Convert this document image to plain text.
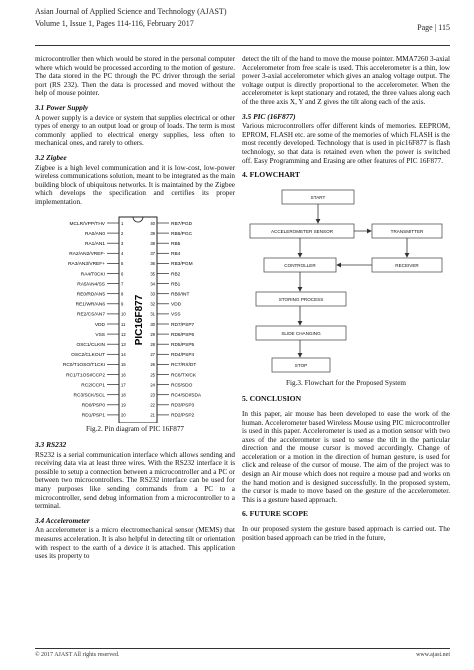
Asian Journal of Applied Science and Technology (AJAST)
Volume 1, Issue 1, Pages 114-116, February 2017	Page | 115

microcontroller then which would be stored in the personal computer where which would be processed according to the motion of gesture. The data stored in the PC through the PC driver through the serial port (RS 232). Then the data is processed and moved without the help of mouse pointer.

3.1 Power Supply

A power supply is a device or system that supplies electrical or other types of energy to an output load or group of loads. The term is most commonly applied to electrical energy supplies, less often to mechanical ones, and rarely to others.

3.2 Zigbee

Zigbee is a high level communication and it is low-cost, low-power wireless communications solution, meant to be integrated as the main building block of ubiquitous networks. It is maintained by the Zigbee which develops the specification and certifies its proper implementation.

PIC16F877
MCLR/VPP/THV	1	RB7/PGD
40
RA0/AN0	2	RB6/PGC
39
RA1/AN1	3	RB5
38
RA2/AN2/VREF-	4	RB4
37
RA3/AN3/VREF+	5	RB3/PGM
36
RA4/T0CKI	6	RB2
35
RA5/AN4/SS	7	RB1
34
RE0/RD/AN5	8	RB0/INT
33
RE1/WR/AN6	9	VDD
32
RE2/CS/AN7	10	VSS
31
VDD	11	RD7/PSP7
30
VSS	12	RD6/PSP6
29
OSC1/CLKIN	13	RD5/PSP5
28
OSC2/CLKOUT	14	RD4/PSP4
27
RC0/T1OSO/T1CKI	15	RC7/RX/DT
26
RC1/T1OSI/CCP2	16	RC6/TX/CK
25
RC2/CCP1	17	RC5/SDO
24
RC3/SCK/SCL	18	RC4/SDI/SDA
23
RD0/PSP0	19	RD3/PSP3
22
RD1/PSP1	20	RD2/PSP2
21
Fig.2. Pin diagram of PIC 16F877
3.3 RS232

RS232 is a serial communication interface which allows sending and receiving data via at least three wires. With the RS232 interface it is possible to setup a connection between a microcontroller and a PC or between two microcontrollers. The RS232 interface can be used for many purposes like sending commands from a PC to a microcontroller, send debug information from a microcontroller to a terminal.

3.4 Accelerometer

An accelerometer is a micro electromechanical sensor (MEMS) that measures acceleration. It is also helpful in detecting tilt or orientation with respect to the earth of a device it is attached. This application uses its property to

detect the tilt of the hand to move the mouse pointer. MMA7260 3-axial Accelerometer from free scale is used. This accelerometer is a thin, low power 3-axial accelerometer which gives an analog voltage output. The voltage output is directly proportional to the accelerometer. When the accelerometer is kept stationary and rotated, the three values along each of the three axis X, Y and Z gives the tilt along each of the axis.

3.5 PIC (16F877)

Various microcontrollers offer different kinds of memories. EEPROM, EPROM, FLASH etc. are some of the memories of which FLASH is the most recently developed. Technology that is used in pic16F877 is flash technology, so that data is retained even when the power is switched off. Easy Programming and Erasing are other features of PIC 16F877.

4. FLOWCHART
START
ACCELEROMETER SENSOR	TRANSMITTER
CONTROLLER	RECEIVER
STORING PROCESS
SLIDE CHANGING
STOP
Fig.3. Flowchart for the Proposed System
5. CONCLUSION

In this paper, air mouse has been developed to ease the work of the human. Accelerometer based Wireless Mouse using PIC microcontroller is used in this paper. Accelerometer is used as a motion sensor with two axes of the accelerometer is used to sense the tilt in the particular direction and the mouse cursor is moved accordingly. Change of acceleration or a motion in the direction of human gesture, is used for click and release of the cursor of mouse. The aim of the project was to design an Air mouse which does not require a mouse pad and works on the hand motion and is designed successfully. In the proposed system, the cursor is made to move based on the gesture of the accelerometer. This is a gesture based approach.

6. FUTURE SCOPE

In our proposed system the gesture based approach is carried out. The position based approach can be tried in the future,

© 2017 AJAST All rights reserved.	www.ajast.net
